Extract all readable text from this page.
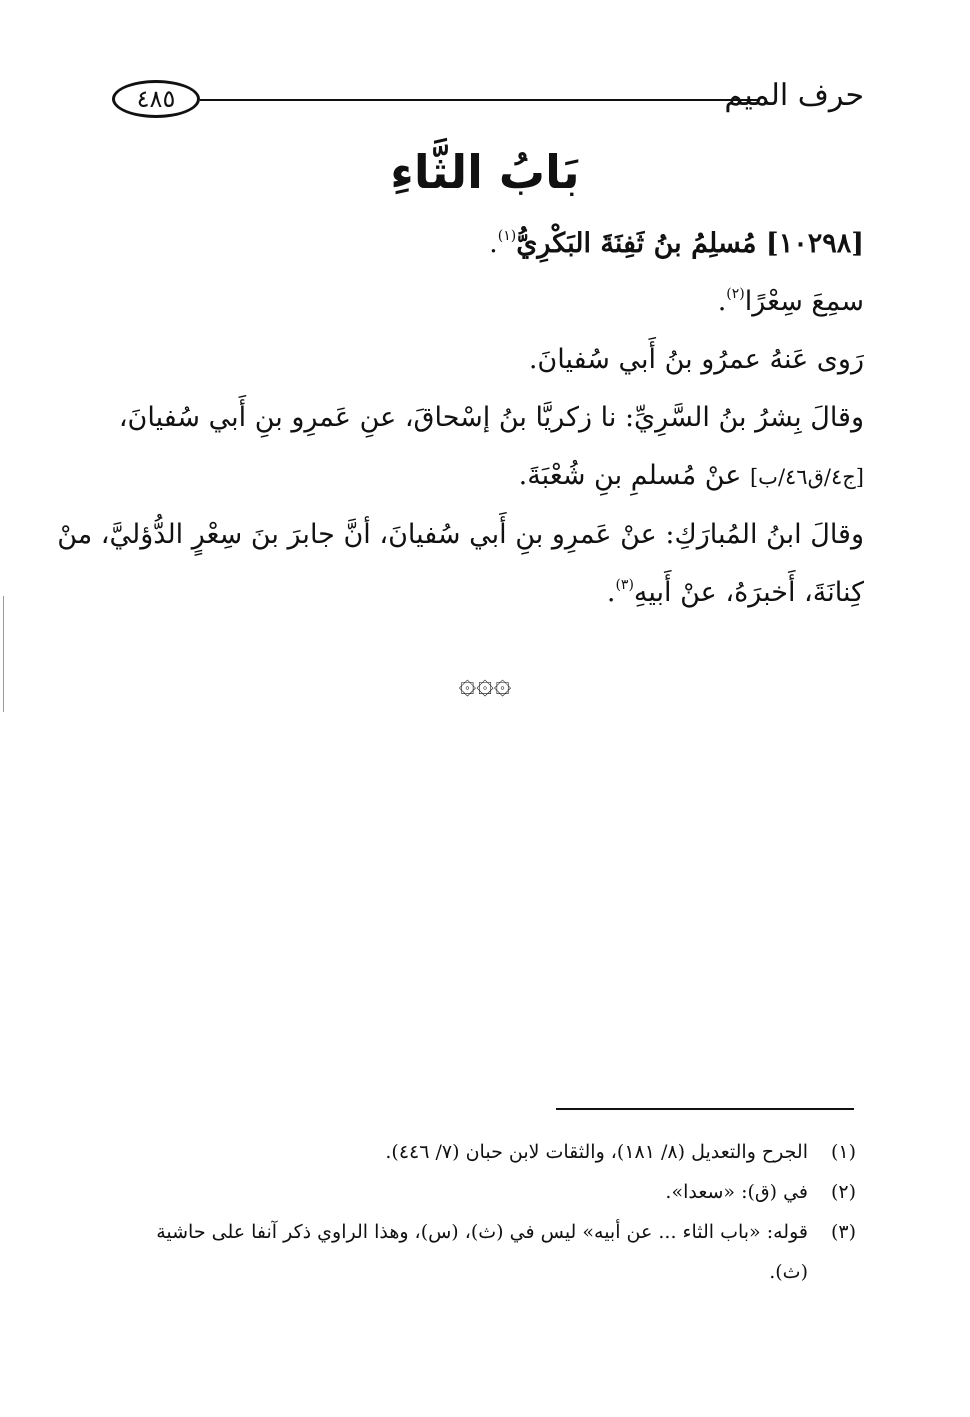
٤٨٥	حرف الميم
بَابُ الثَّاءِ

[١٠٢٩٨] مُسلِمُ بنُ ثَفِنَةَ البَكْرِيُّ$^{(١)}$.

سمِعَ سِعْرًا$^{(٢)}$.

رَوى عَنهُ عمرُو بنُ أَبي سُفيانَ.

وقالَ بِشرُ بنُ السَّرِيِّ: نا زكريَّا بنُ إسْحاقَ، عنِ عَمرِو بنِ أَبي سُفيانَ،

[ج٤/ق٤٦/ب] عنْ مُسلمِ بنِ شُعْبَةَ.

وقالَ ابنُ المُبارَكِ: عنْ عَمرِو بنِ أَبي سُفيانَ، أنَّ جابرَ بنَ سِعْرٍ الدُّؤليَّ، منْ

كِنانَةَ، أَخبرَهُ، عنْ أَبيهِ$^{(٣)}$.

۞۞۞
(١)
الجرح والتعديل (٨/ ١٨١)، والثقات لابن حبان (٧/ ٤٤٦).
(٢)
في (ق): «سعدا».
(٣)
قوله: «باب الثاء ... عن أبيه» ليس في (ث)، (س)، وهذا الراوي ذكر آنفا على حاشية
(ث).
